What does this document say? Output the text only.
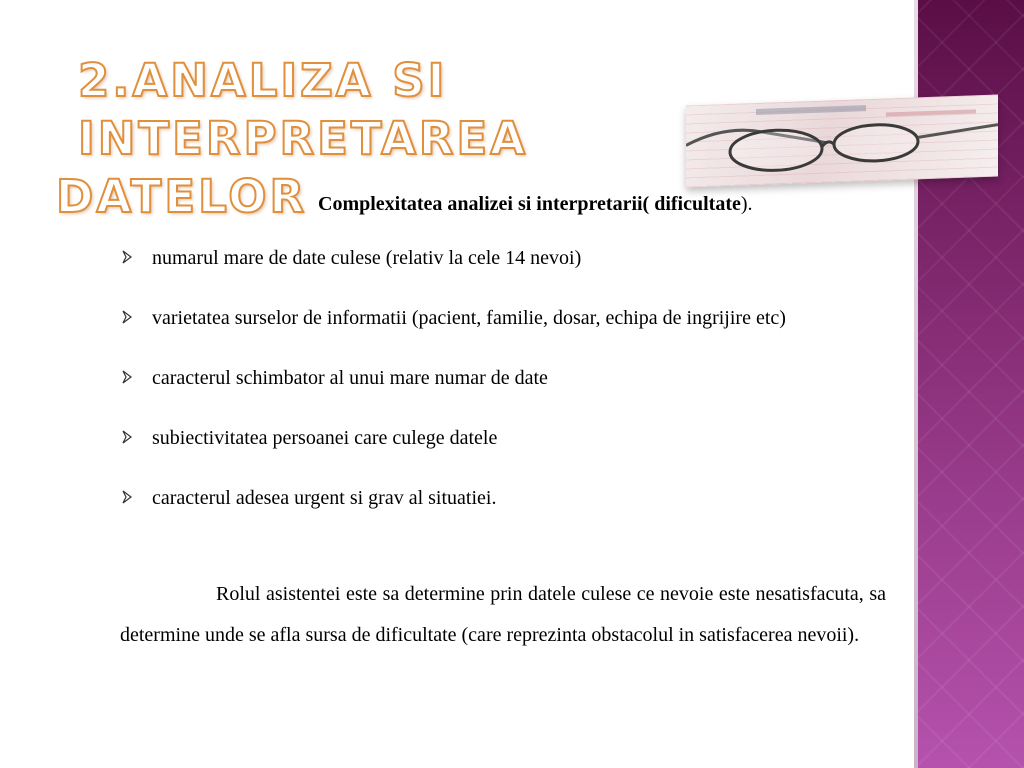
2.ANALIZA SI INTERPRETAREA
DATELOR Complexitatea analizei si interpretarii( dificultate).

numarul mare de date culese (relativ la cele 14 nevoi)
varietatea surselor de informatii (pacient, familie, dosar, echipa de ingrijire etc)
caracterul schimbator al unui mare numar de date
subiectivitatea persoanei care culege datele
caracterul adesea urgent si grav al situatiei.

Rolul asistentei este sa determine prin datele culese ce nevoie este nesatisfacuta, sa determine unde se afla sursa de dificultate (care reprezinta obstacolul in satisfacerea nevoii).
